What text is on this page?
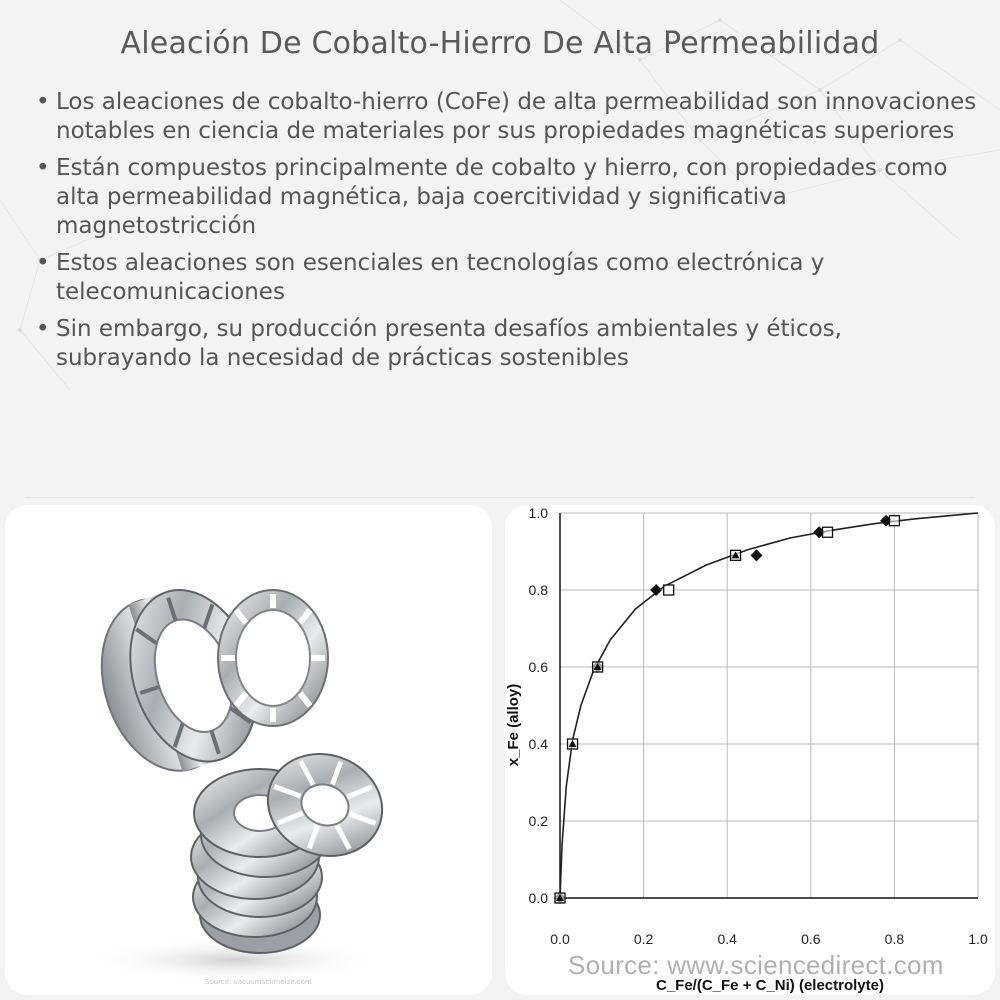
Aleación De Cobalto-Hierro De Alta Permeabilidad
• Los aleaciones de cobalto-hierro (CoFe) de alta permeabilidad son innovaciones notables en ciencia de materiales por sus propiedades magnéticas superiores
• Están compuestos principalmente de cobalto y hierro, con propiedades como alta permeabilidad magnética, baja coercitividad y significativa magnetostricción
• Estos aleaciones son esenciales en tecnologías como electrónica y telecomunicaciones
• Sin embargo, su producción presenta desafíos ambientales y éticos, subrayando la necesidad de prácticas sostenibles
Source: vacuumschmelze.com
0.0	0.2	0.4	0.6	0.8	1.0
0.0
0.2
0.4
0.6
0.8
1.0
x_Fe (alloy)
C_Fe/(C_Fe + C_Ni) (electrolyte)
Source: www.sciencedirect.com
